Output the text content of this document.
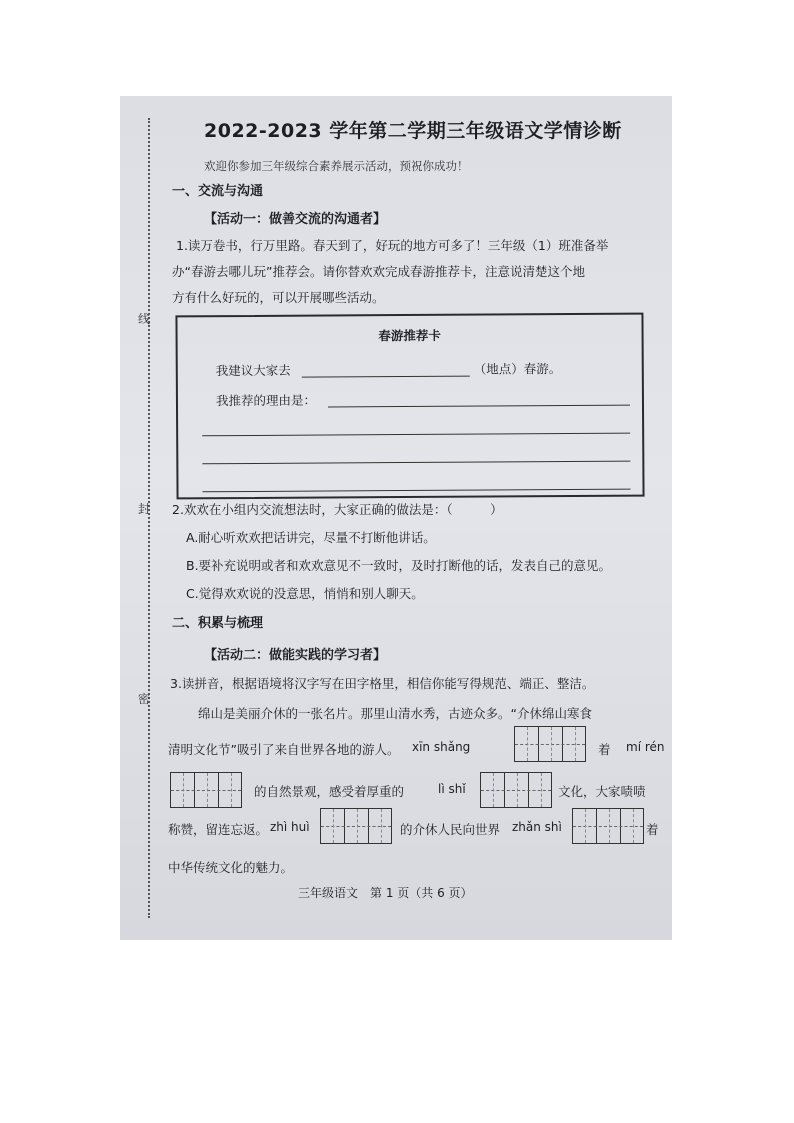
线
封
密
2022-2023 学年第二学期三年级语文学情诊断
欢迎你参加三年级综合素养展示活动，预祝你成功！
一、交流与沟通
【活动一：做善交流的沟通者】
1.读万卷书，行万里路。春天到了，好玩的地方可多了！三年级（1）班准备举
办“春游去哪儿玩”推荐会。请你替欢欢完成春游推荐卡，注意说清楚这个地
方有什么好玩的，可以开展哪些活动。
春游推荐卡
我建议大家去	（地点）春游。
我推荐的理由是：
2.欢欢在小组内交流想法时，大家正确的做法是：（　　　）
A.耐心听欢欢把话讲完，尽量不打断他讲话。
B.要补充说明或者和欢欢意见不一致时，及时打断他的话，发表自己的意见。
C.觉得欢欢说的没意思，悄悄和别人聊天。
二、积累与梳理
【活动二：做能实践的学习者】
3.读拼音，根据语境将汉字写在田字格里，相信你能写得规范、端正、整洁。
绵山是美丽介休的一张名片。那里山清水秀，古迹众多。“介休绵山寒食
清明文化节”吸引了来自世界各地的游人。 xīn shǎng	着 mí rén
的自然景观，感受着厚重的	lì shǐ	文化，大家啧啧
称赞，留连忘返。 zhì huì	的介休人民向世界 zhǎn shì	着
中华传统文化的魅力。
三年级语文　第 1 页（共 6 页）
